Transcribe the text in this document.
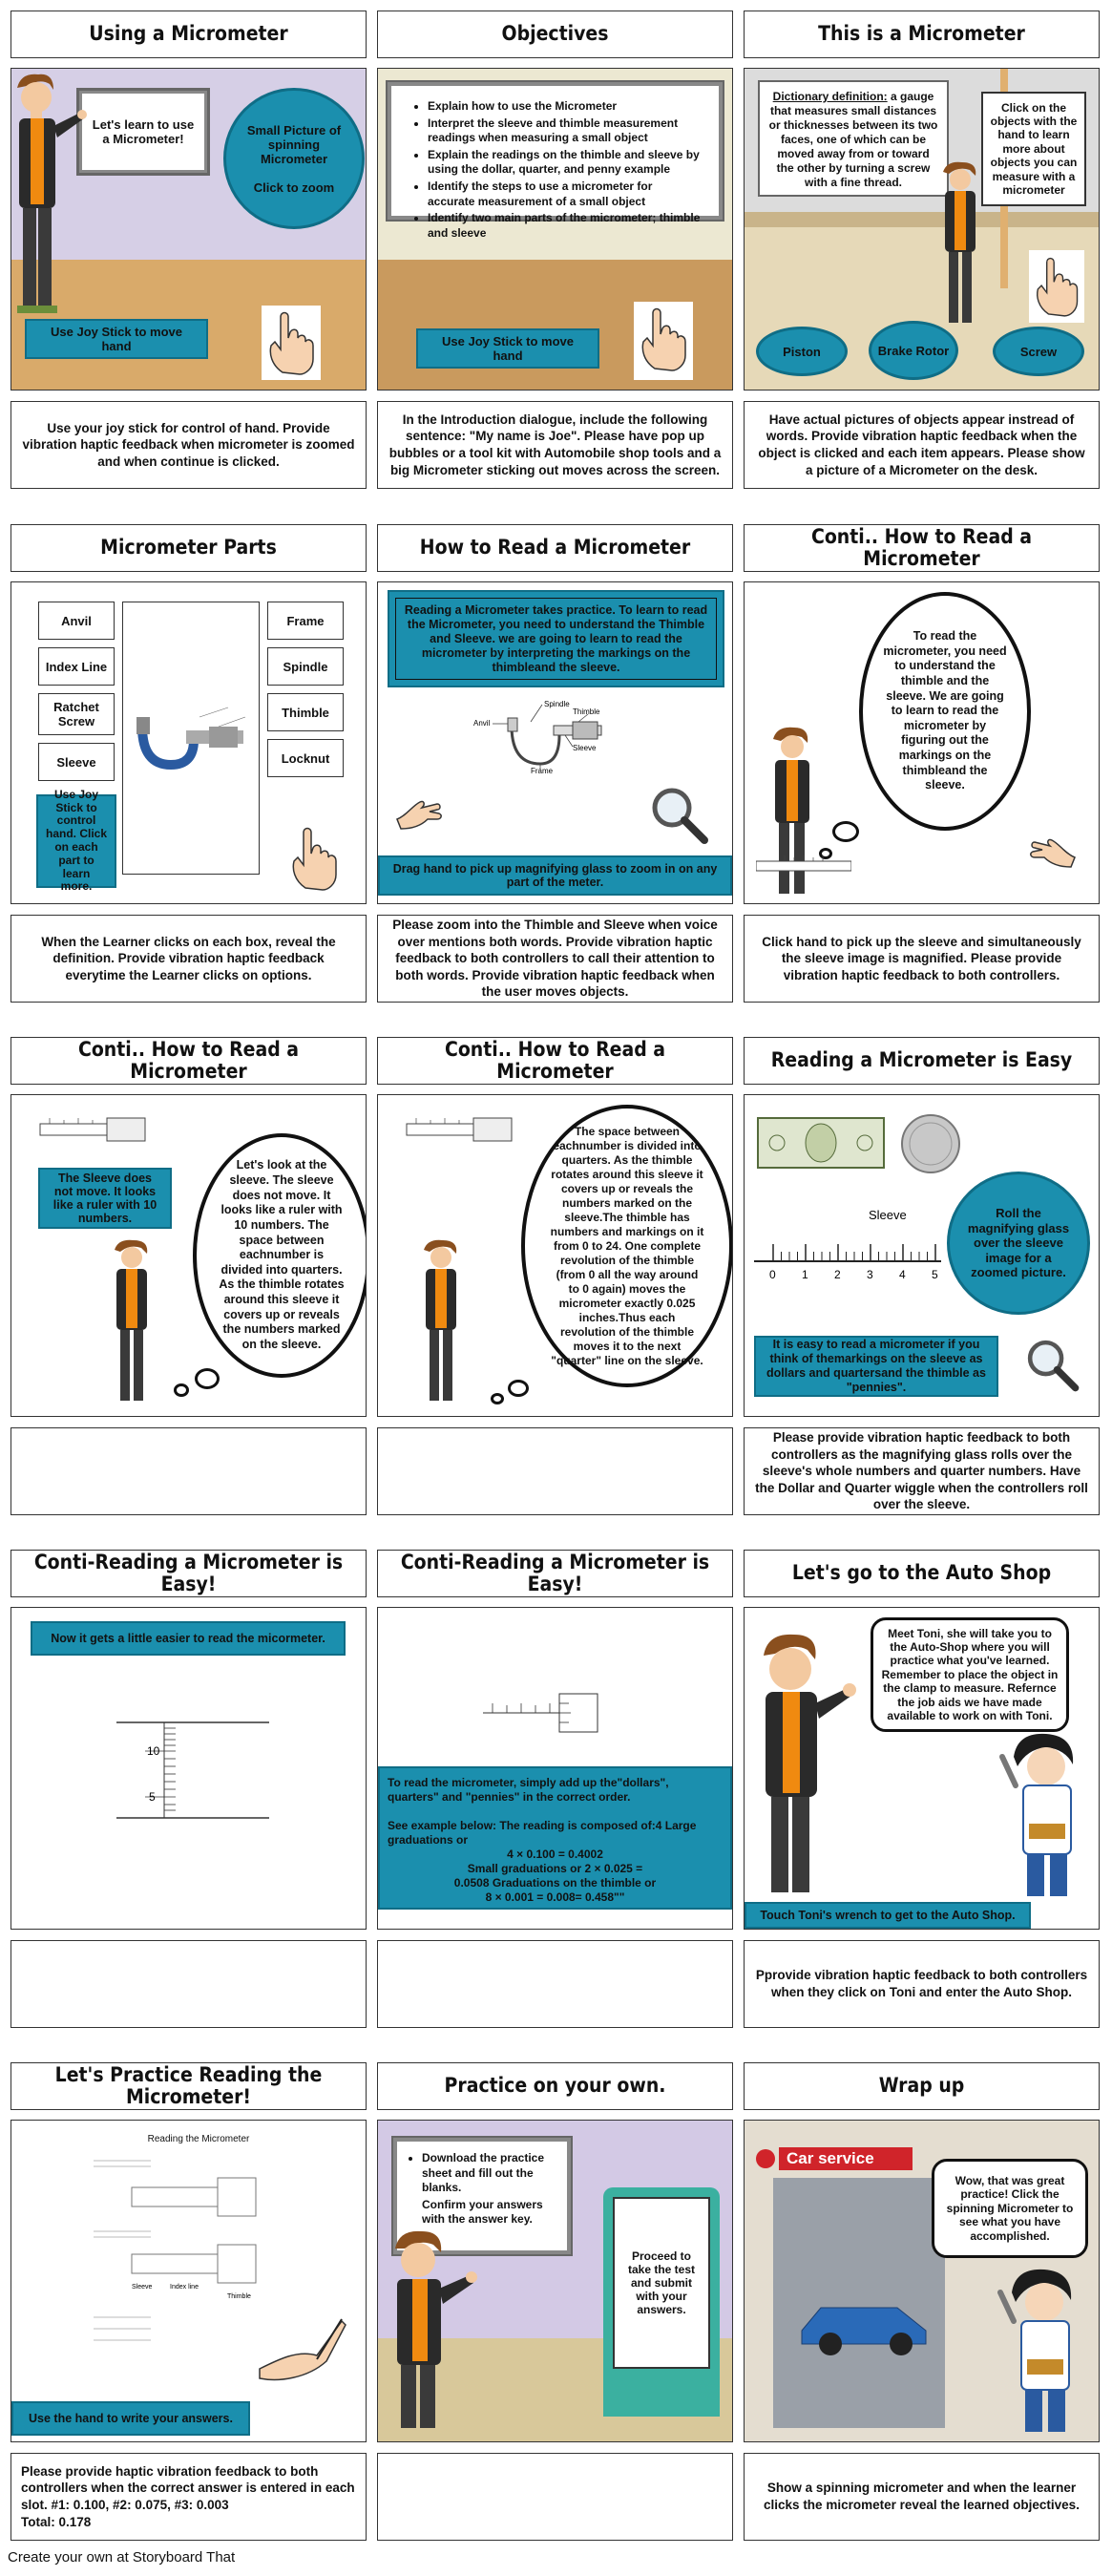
Using a Micrometer	Objectives	This is a Micrometer
Let's learn to use a Micrometer!
Small Picture of spinning Micrometer

Click to zoom
Use Joy Stick to move hand
• Explain how to use the Micrometer
• Interpret the sleeve and thimble measurement readings when measuring a small object
• Explain the readings on the thimble and sleeve by using the dollar, quarter, and penny example
• Identify the steps to use a micrometer for accurate measurement of a small object
• Identify two main parts of the micrometer; thimble and sleeve
Use Joy Stick to move hand
Dictionary definition: a gauge that measures small distances or thicknesses between its two faces, one of which can be moved away from or toward the other by turning a screw with a fine thread.
Click on the objects with the hand to learn more about objects you can measure with a micrometer
Piston	Brake Rotor	Screw
Use your joy stick for control of hand. Provide vibration haptic feedback when micrometer is zoomed and when continue is clicked.
In the Introduction dialogue, include the following sentence: "My name is Joe". Please have pop up bubbles or a tool kit with Automobile shop tools and a big Micrometer sticking out moves across the screen.
Have actual pictures of objects appear instread of words. Provide vibration haptic feedback when the object is clicked and each item appears. Please show a picture of a Micrometer on the desk.
Micrometer Parts	How to Read a Micrometer	Conti.. How to Read a Micrometer
Anvil
Index Line
Ratchet Screw
Sleeve
Use Joy Stick to control hand. Click on each part to learn more.
Frame
Spindle
Thimble
Locknut
Reading a Micrometer takes practice. To learn to read the Micrometer, you need to understand the Thimble and Sleeve. we are going to learn to read the micrometer by interpreting the markings on the thimbleand the sleeve.
Spindle
Anvil
Thimble
Sleeve
Frame
Drag hand to pick up magnifying glass to zoom in on any part of the meter.
To read the micrometer, you need to understand the thimble and the sleeve. We are going to learn to read the micrometer by figuring out the markings on the thimbleand the sleeve.
When the Learner clicks on each box, reveal the definition. Provide vibration haptic feedback everytime the Learner clicks on options.
Please zoom into the Thimble and Sleeve when voice over mentions both words. Provide vibration haptic feedback to both controllers to call their attention to both words. Provide vibration haptic feedback when the user moves objects.
Click hand to pick up the sleeve and simultaneously the sleeve image is magnified. Please provide vibration haptic feedback to both controllers.
Conti.. How to Read a Micrometer
Conti.. How to Read a Micrometer	Reading a Micrometer is Easy
The Sleeve does not move. It looks like a ruler with 10 numbers.
Let's look at the sleeve. The sleeve does not move. It looks like a ruler with 10 numbers. The space between eachnumber is divided into quarters. As the thimble rotates around this sleeve it covers up or reveals the numbers marked on the sleeve.
The space between eachnumber is divided into quarters. As the thimble rotates around this sleeve it covers up or reveals the numbers marked on the sleeve.The thimble has numbers and markings on it from 0 to 24. One complete revolution of the thimble (from 0 all the way around to 0 again) moves the micrometer exactly 0.025 inches.Thus each revolution of the thimble moves it to the next "quarter" line on the sleeve.
Roll the magnifying glass over the sleeve image for a zoomed picture.
Sleeve
0 1 2 3 4 5
It is easy to read a micrometer if you think of themarkings on the sleeve as dollars and quartersand the thimble as "pennies".
Please provide vibration haptic feedback to both controllers as the magnifying glass rolls over the sleeve's whole numbers and quarter numbers. Have the Dollar and Quarter wiggle when the controllers roll over the sleeve.
Conti-Reading a Micrometer is Easy!
Conti-Reading a Micrometer is Easy!	Let's go to the Auto Shop
Now it gets a little easier to read the micormeter.
10
5
To read the micrometer, simply add up the"dollars", quarters" and "pennies" in the correct order.

See example below: The reading is composed of:4 Large graduations or
4 × 0.100 = 0.4002
Small graduations or 2 × 0.025 =
0.0508 Graduations on the thimble or
8 × 0.001 = 0.008= 0.458""
Meet Toni, she will take you to the Auto-Shop where you will practice what you've learned. Remember to place the object in the clamp to measure. Refernce the job aids we have made available to work on with Toni.
Touch Toni's wrench to get to the Auto Shop.
Pprovide vibration haptic feedback to both controllers when they click on Toni and enter the Auto Shop.
Let's Practice Reading the Micrometer!	Practice on your own.	Wrap up
Reading the Micrometer
Sleeve	Index line
Thimble
Use the hand to write your answers.
• Download the practice sheet and fill out the blanks.
Confirm your answers with the answer key.
Proceed to take the test and submit with your answers.
Car service
Wow, that was great practice! Click the spinning Micrometer to see what you have accomplished.
Please provide haptic vibration feedback to both controllers when the correct answer is entered in each slot. #1: 0.100, #2: 0.075, #3: 0.003
Total: 0.178
Show a spinning micrometer and when the learner clicks the micrometer reveal the learned objectives.
Create your own at Storyboard That
